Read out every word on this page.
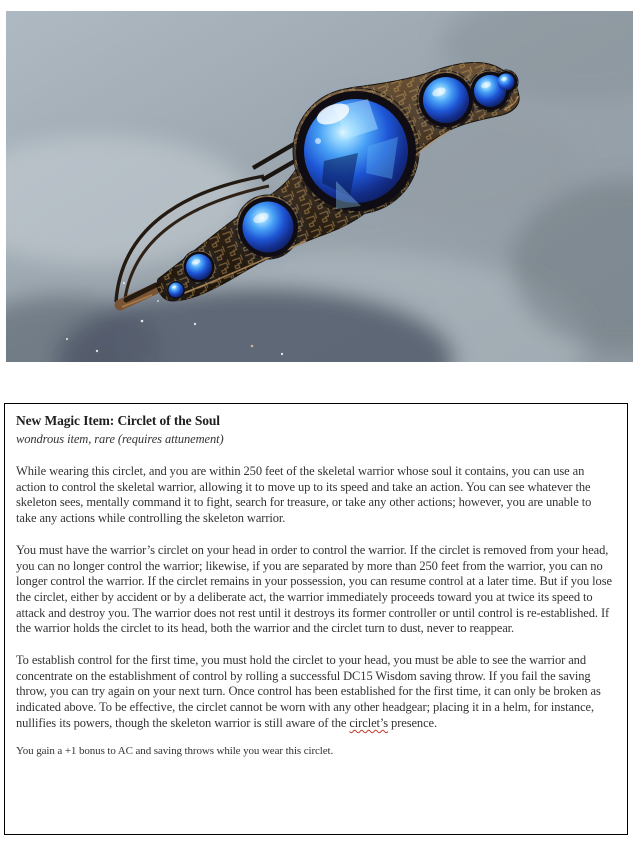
New Magic Item: Circlet of the Soul

wondrous item, rare (requires attunement)

While wearing this circlet, and you are within 250 feet of the skeletal warrior whose soul it contains, you can use an action to control the skeletal warrior, allowing it to move up to its speed and take an action. You can see whatever the skeleton sees, mentally command it to fight, search for treasure, or take any other actions; however, you are unable to take any actions while controlling the skeleton warrior.

You must have the warrior’s circlet on your head in order to control the warrior. If the circlet is removed from your head, you can no longer control the warrior; likewise, if you are separated by more than 250 feet from the warrior, you can no longer control the warrior. If the circlet remains in your possession, you can resume control at a later time. But if you lose the circlet, either by accident or by a deliberate act, the warrior immediately proceeds toward you at twice its speed to attack and destroy you. The warrior does not rest until it destroys its former controller or until control is re-established. If the warrior holds the circlet to its head, both the warrior and the circlet turn to dust, never to reappear.

To establish control for the first time, you must hold the circlet to your head, you must be able to see the warrior and concentrate on the establishment of control by rolling a successful DC15 Wisdom saving throw. If you fail the saving throw, you can try again on your next turn. Once control has been established for the first time, it can only be broken as indicated above. To be effective, the circlet cannot be worn with any other headgear; placing it in a helm, for instance, nullifies its powers, though the skeleton warrior is still aware of the circlet’s presence.

You gain a +1 bonus to AC and saving throws while you wear this circlet.
